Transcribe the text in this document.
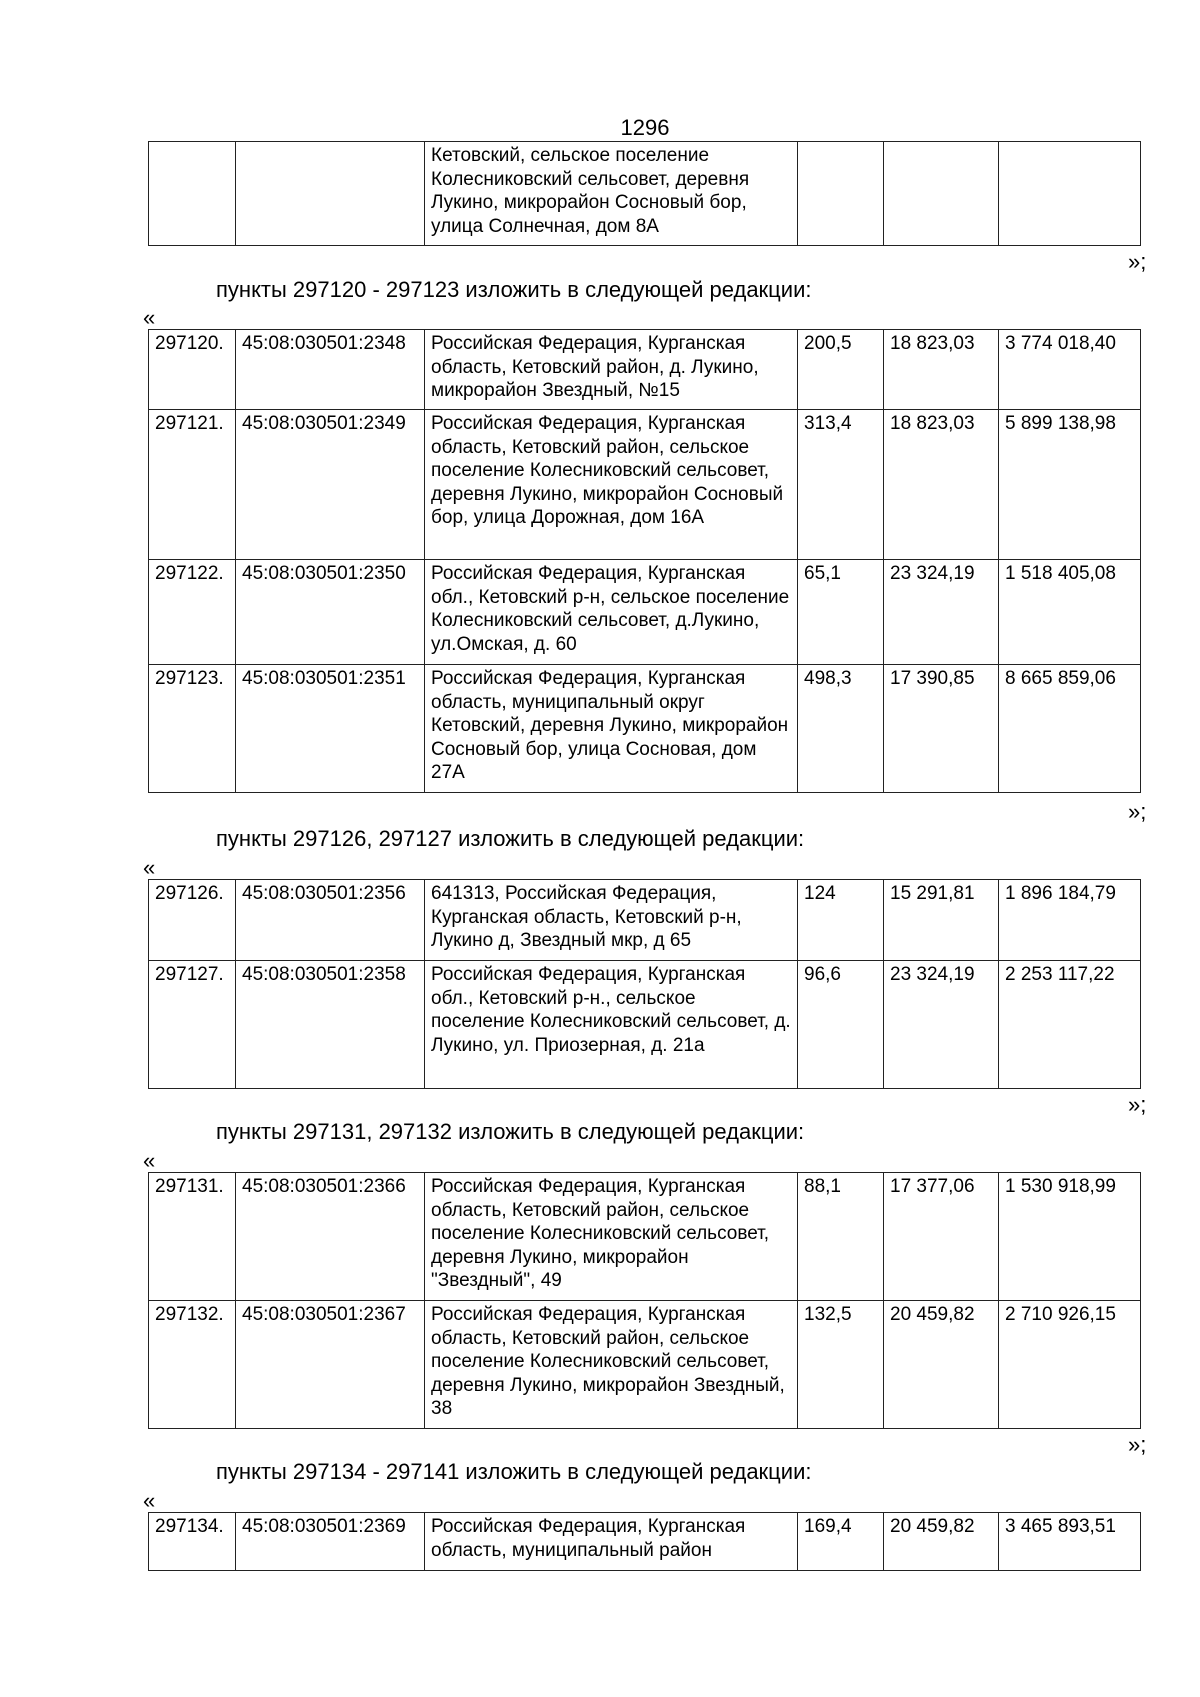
1296
		Кетовский, сельское поселение Колесниковский сельсовет, деревня Лукино, микрорайон Сосновый бор, улица Солнечная, дом 8А			
»;
пункты 297120 - 297123 изложить в следующей редакции:
«
297120.	45:08:030501:2348	Российская Федерация, Курганская область, Кетовский район, д. Лукино, микрорайон Звездный, №15	200,5	18 823,03	3 774 018,40
297121.	45:08:030501:2349	Российская Федерация, Курганская область, Кетовский район, сельское поселение Колесниковский сельсовет, деревня Лукино, микрорайон Сосновый бор, улица Дорожная, дом 16А	313,4	18 823,03	5 899 138,98
297122.	45:08:030501:2350	Российская Федерация, Курганская обл., Кетовский р-н, сельское поселение Колесниковский сельсовет, д.Лукино, ул.Омская, д. 60	65,1	23 324,19	1 518 405,08
297123.	45:08:030501:2351	Российская Федерация, Курганская область, муниципальный округ Кетовский, деревня Лукино, микрорайон Сосновый бор, улица Сосновая, дом 27А	498,3	17 390,85	8 665 859,06
»;
пункты 297126, 297127 изложить в следующей редакции:
«
297126.	45:08:030501:2356	641313, Российская Федерация, Курганская область, Кетовский р-н, Лукино д, Звездный мкр, д 65	124	15 291,81	1 896 184,79
297127.	45:08:030501:2358	Российская Федерация, Курганская обл., Кетовский р-н., сельское поселение Колесниковский сельсовет, д. Лукино, ул. Приозерная, д. 21а	96,6	23 324,19	2 253 117,22
»;
пункты 297131, 297132 изложить в следующей редакции:
«
297131.	45:08:030501:2366	Российская Федерация, Курганская область, Кетовский район, сельское поселение Колесниковский сельсовет, деревня Лукино, микрорайон "Звездный", 49	88,1	17 377,06	1 530 918,99
297132.	45:08:030501:2367	Российская Федерация, Курганская область, Кетовский район, сельское поселение Колесниковский сельсовет, деревня Лукино, микрорайон Звездный, 38	132,5	20 459,82	2 710 926,15
»;
пункты 297134 - 297141 изложить в следующей редакции:
«
297134.	45:08:030501:2369	Российская Федерация, Курганская область, муниципальный район	169,4	20 459,82	3 465 893,51
